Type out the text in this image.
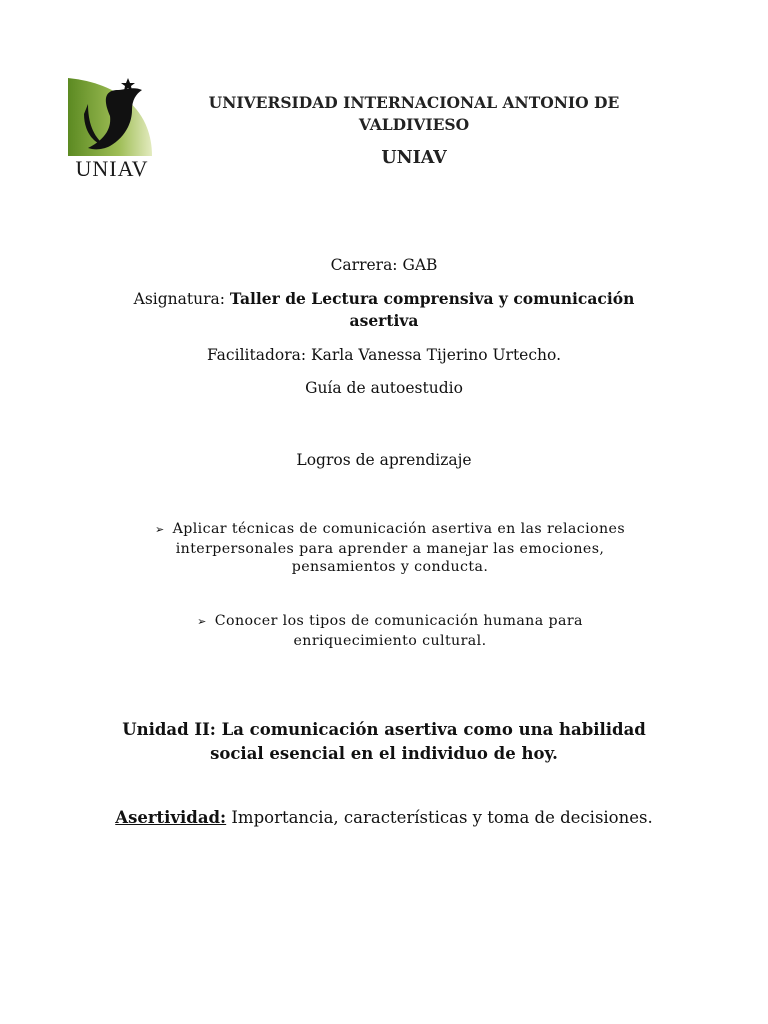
UNIAV
UNIVERSIDAD INTERNACIONAL ANTONIO DE VALDIVIESO
UNIAV
Carrera: GAB
Asignatura: Taller de Lectura comprensiva y comunicación
asertiva
Facilitadora: Karla Vanessa Tijerino Urtecho.
Guía de autoestudio
Logros de aprendizaje
➢ Aplicar técnicas de comunicación asertiva en las relaciones
interpersonales para aprender a manejar las emociones,
pensamientos y conducta.
➢ Conocer los tipos de comunicación humana para
enriquecimiento cultural.
Unidad II: La comunicación asertiva como una habilidad
social esencial en el individuo de hoy.
Asertividad: Importancia, características y toma de decisiones.
